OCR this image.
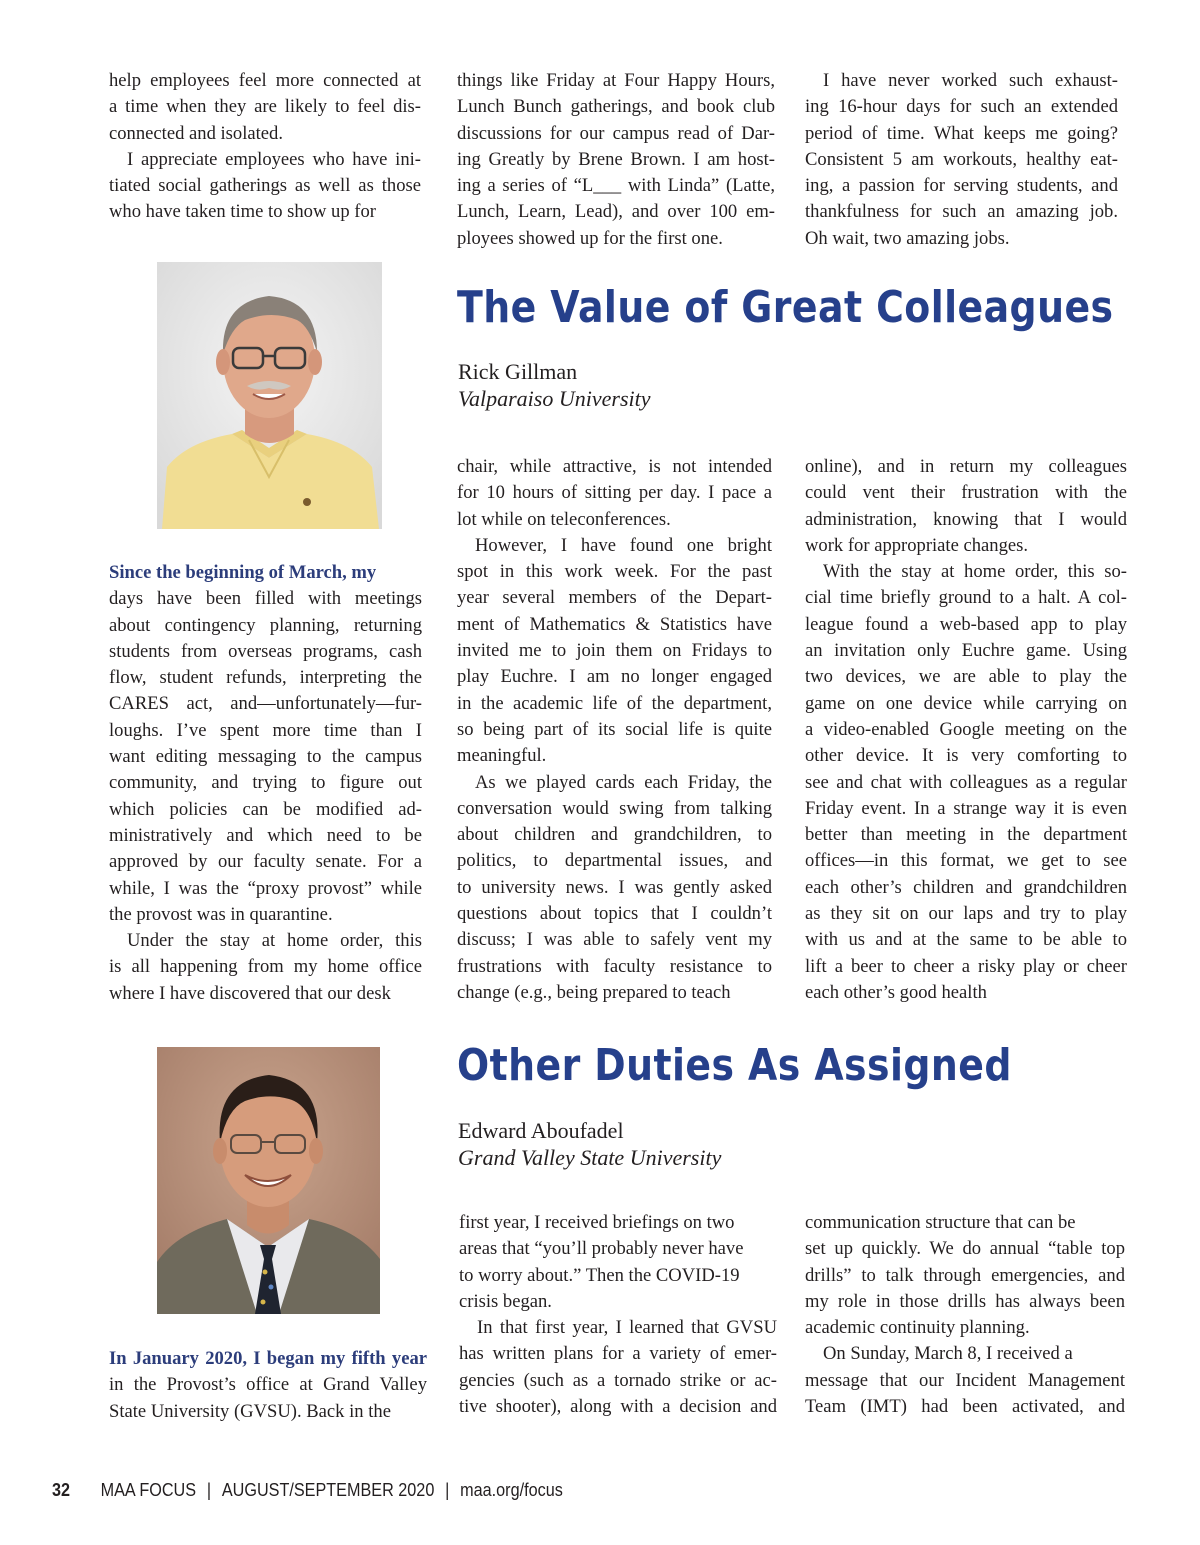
help employees feel more connected at
a time when they are likely to feel dis-
connected and isolated.
I appreciate employees who have ini-
tiated social gatherings as well as those
who have taken time to show up for
things like Friday at Four Happy Hours,
Lunch Bunch gatherings, and book club
discussions for our campus read of Dar-
ing Greatly by Brene Brown. I am host-
ing a series of “L___ with Linda” (Latte,
Lunch, Learn, Lead), and over 100 em-
ployees showed up for the first one.
I have never worked such exhaust-
ing 16-hour days for such an extended
period of time. What keeps me going?
Consistent 5 am workouts, healthy eat-
ing, a passion for serving students, and
thankfulness for such an amazing job.
Oh wait, two amazing jobs.
The Value of Great Colleagues
Rick Gillman
Valparaiso University
Since the beginning of March, my
days have been filled with meetings
about contingency planning, returning
students from overseas programs, cash
flow, student refunds, interpreting the
CARES act, and—unfortunately—fur-
loughs. I’ve spent more time than I
want editing messaging to the campus
community, and trying to figure out
which policies can be modified ad-
ministratively and which need to be
approved by our faculty senate. For a
while, I was the “proxy provost” while
the provost was in quarantine.
Under the stay at home order, this
is all happening from my home office
where I have discovered that our desk
chair, while attractive, is not intended
for 10 hours of sitting per day. I pace a
lot while on teleconferences.
However, I have found one bright
spot in this work week. For the past
year several members of the Depart-
ment of Mathematics & Statistics have
invited me to join them on Fridays to
play Euchre. I am no longer engaged
in the academic life of the department,
so being part of its social life is quite
meaningful.
As we played cards each Friday, the
conversation would swing from talking
about children and grandchildren, to
politics, to departmental issues, and
to university news. I was gently asked
questions about topics that I couldn’t
discuss; I was able to safely vent my
frustrations with faculty resistance to
change (e.g., being prepared to teach
online), and in return my colleagues
could vent their frustration with the
administration, knowing that I would
work for appropriate changes.
With the stay at home order, this so-
cial time briefly ground to a halt. A col-
league found a web-based app to play
an invitation only Euchre game. Using
two devices, we are able to play the
game on one device while carrying on
a video-enabled Google meeting on the
other device. It is very comforting to
see and chat with colleagues as a regular
Friday event. In a strange way it is even
better than meeting in the department
offices—in this format, we get to see
each other’s children and grandchildren
as they sit on our laps and try to play
with us and at the same to be able to
lift a beer to cheer a risky play or cheer
each other’s good health
Other Duties As Assigned
Edward Aboufadel
Grand Valley State University
In January 2020, I began my fifth year
in the Provost’s office at Grand Valley
State University (GVSU). Back in the
first year, I received briefings on two
areas that “you’ll probably never have
to worry about.” Then the COVID-19
crisis began.
In that first year, I learned that GVSU
has written plans for a variety of emer-
gencies (such as a tornado strike or ac-
tive shooter), along with a decision and
communication structure that can be
set up quickly. We do annual “table top
drills” to talk through emergencies, and
my role in those drills has always been
academic continuity planning.
On Sunday, March 8, I received a
message that our Incident Management
Team (IMT) had been activated, and
32 MAA FOCUS | AUGUST/SEPTEMBER 2020 | maa.org/focus
